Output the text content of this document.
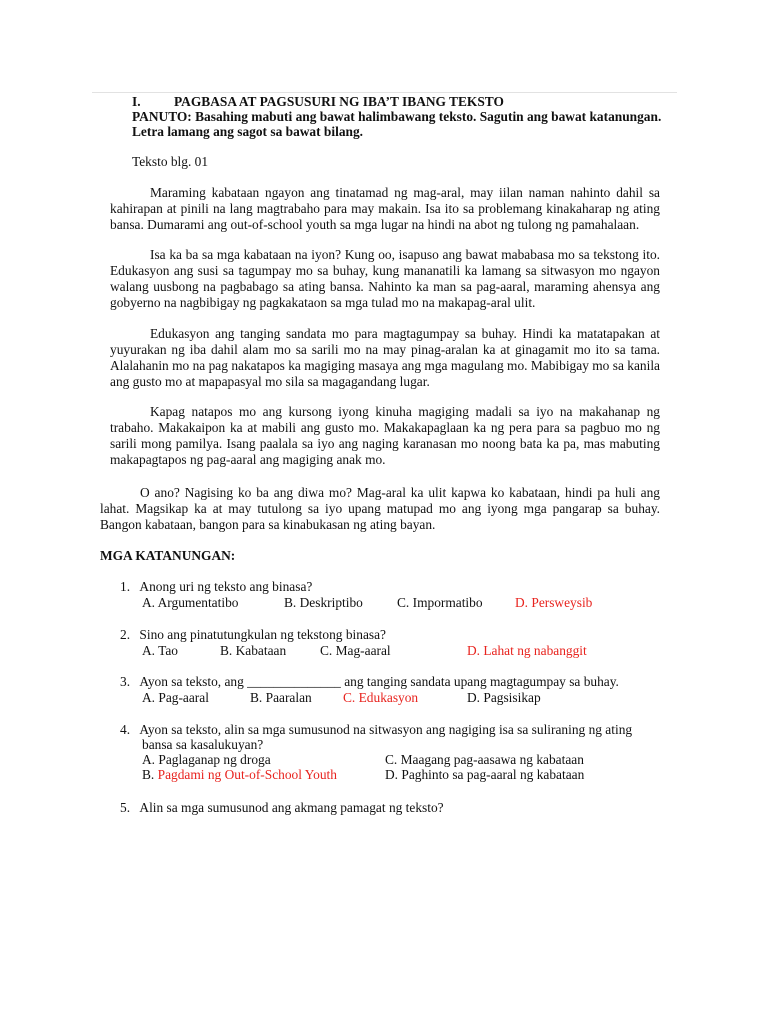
I. PAGBASA AT PAGSUSURI NG IBA’T IBANG TEKSTO
PANUTO: Basahing mabuti ang bawat halimbawang teksto. Sagutin ang bawat katanungan.
Letra lamang ang sagot sa bawat bilang.
Teksto blg. 01
Maraming kabataan ngayon ang tinatamad ng mag-aral, may iilan naman nahinto dahil sa kahirapan at pinili na lang magtrabaho para may makain. Isa ito sa problemang kinakaharap ng ating bansa. Dumarami ang out-of-school youth sa mga lugar na hindi na abot ng tulong ng pamahalaan.
Isa ka ba sa mga kabataan na iyon? Kung oo, isapuso ang bawat mababasa mo sa tekstong ito. Edukasyon ang susi sa tagumpay mo sa buhay, kung mananatili ka lamang sa sitwasyon mo ngayon walang uusbong na pagbabago sa ating bansa. Nahinto ka man sa pag-aaral, maraming ahensya ang gobyerno na nagbibigay ng pagkakataon sa mga tulad mo na makapag-aral ulit.
Edukasyon ang tanging sandata mo para magtagumpay sa buhay. Hindi ka matatapakan at yuyurakan ng iba dahil alam mo sa sarili mo na may pinag-aralan ka at ginagamit mo ito sa tama. Alalahanin mo na pag nakatapos ka magiging masaya ang mga magulang mo. Mabibigay mo sa kanila ang gusto mo at mapapasyal mo sila sa magagandang lugar.
Kapag natapos mo ang kursong iyong kinuha magiging madali sa iyo na makahanap ng trabaho. Makakaipon ka at mabili ang gusto mo. Makakapaglaan ka ng pera para sa pagbuo mo ng sarili mong pamilya. Isang paalala sa iyo ang naging karanasan mo noong bata ka pa, mas mabuting makapagtapos ng pag-aaral ang magiging anak mo.
O ano? Nagising ko ba ang diwa mo? Mag-aral ka ulit kapwa ko kabataan, hindi pa huli ang lahat. Magsikap ka at may tutulong sa iyo upang matupad mo ang iyong mga pangarap sa buhay. Bangon kabataan, bangon para sa kinabukasan ng ating bayan.
MGA KATANUNGAN:
1. Anong uri ng teksto ang binasa?
A. Argumentatibo	B. Deskriptibo	C. Impormatibo D. Persweysib
2. Sino ang pinatutungkulan ng tekstong binasa?
A. Tao	B. Kabataan	C. Mag-aaral	D. Lahat ng nabanggit
3. Ayon sa teksto, ang ______________ ang tanging sandata upang magtagumpay sa buhay.
A. Pag-aaral	B. Paaralan C. Edukasyon	D. Pagsisikap
4. Ayon sa teksto, alin sa mga sumusunod na sitwasyon ang nagiging isa sa suliraning ng ating
bansa sa kasalukuyan?
A. Paglaganap ng droga	C. Maagang pag-aasawa ng kabataan
B. Pagdami ng Out-of-School Youth	D. Paghinto sa pag-aaral ng kabataan
5. Alin sa mga sumusunod ang akmang pamagat ng teksto?
